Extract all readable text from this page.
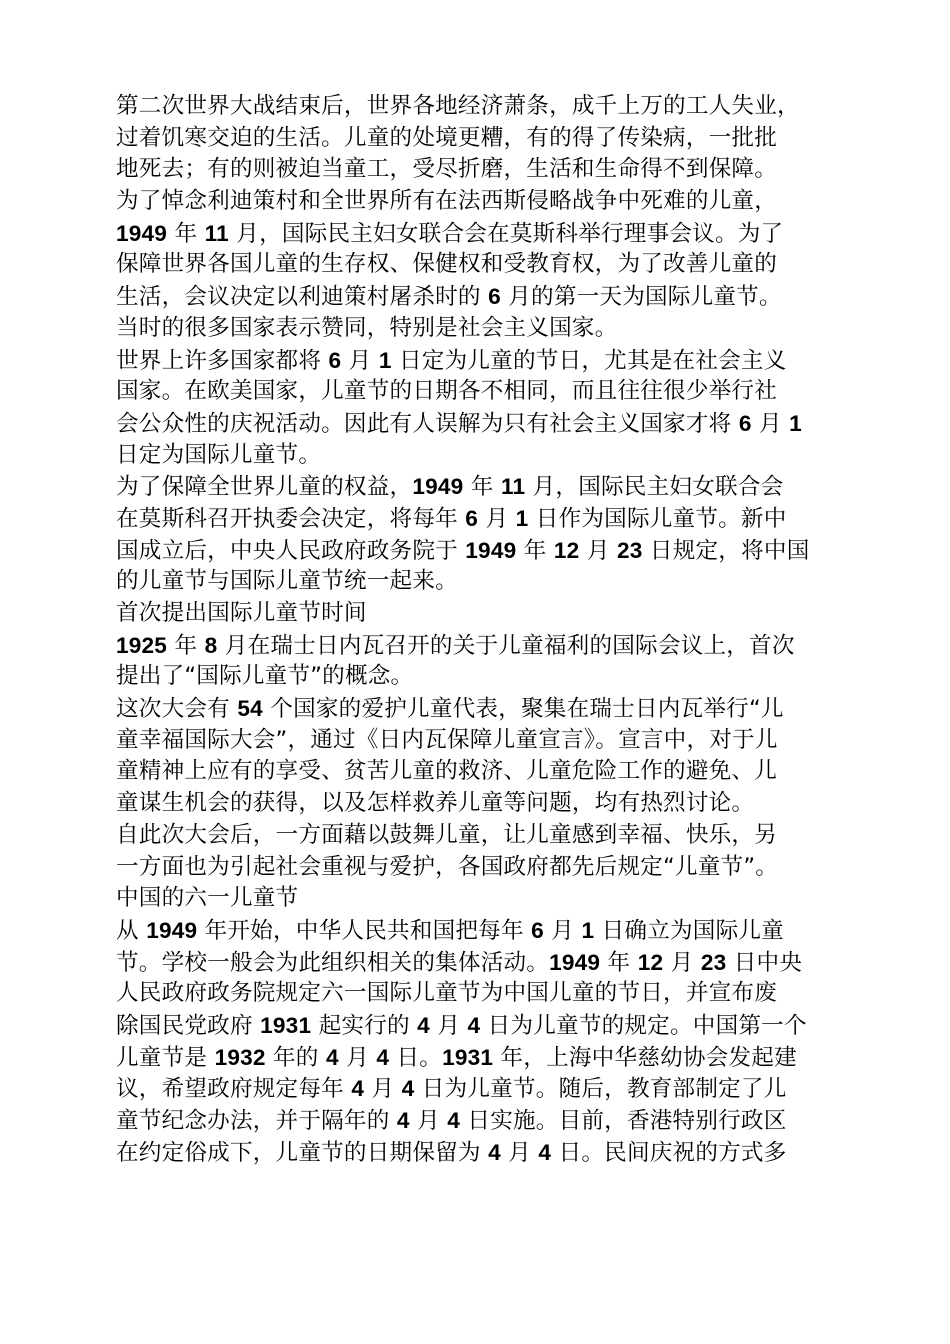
第二次世界大战结束后，世界各地经济萧条，成千上万的工人失业，
过着饥寒交迫的生活。儿童的处境更糟，有的得了传染病，一批批
地死去；有的则被迫当童工，受尽折磨，生活和生命得不到保障。
为了悼念利迪策村和全世界所有在法西斯侵略战争中死难的儿童，
1949 年 11 月，国际民主妇女联合会在莫斯科举行理事会议。为了
保障世界各国儿童的生存权、保健权和受教育权，为了改善儿童的
生活，会议决定以利迪策村屠杀时的 6 月的第一天为国际儿童节。
当时的很多国家表示赞同，特别是社会主义国家。
世界上许多国家都将 6 月 1 日定为儿童的节日，尤其是在社会主义
国家。在欧美国家，儿童节的日期各不相同，而且往往很少举行社
会公众性的庆祝活动。因此有人误解为只有社会主义国家才将 6 月 1
日定为国际儿童节。
为了保障全世界儿童的权益，1949 年 11 月，国际民主妇女联合会
在莫斯科召开执委会决定，将每年 6 月 1 日作为国际儿童节。新中
国成立后，中央人民政府政务院于 1949 年 12 月 23 日规定，将中国
的儿童节与国际儿童节统一起来。
首次提出国际儿童节时间
1925 年 8 月在瑞士日内瓦召开的关于儿童福利的国际会议上，首次
提出了“国际儿童节”的概念。
这次大会有 54 个国家的爱护儿童代表，聚集在瑞士日内瓦举行“儿
童幸福国际大会”，通过《日内瓦保障儿童宣言》。宣言中，对于儿
童精神上应有的享受、贫苦儿童的救济、儿童危险工作的避免、儿
童谋生机会的获得，以及怎样救养儿童等问题，均有热烈讨论。
自此次大会后，一方面藉以鼓舞儿童，让儿童感到幸福、快乐，另
一方面也为引起社会重视与爱护，各国政府都先后规定“儿童节”。
中国的六一儿童节
从 1949 年开始，中华人民共和国把每年 6 月 1 日确立为国际儿童
节。学校一般会为此组织相关的集体活动。1949 年 12 月 23 日中央
人民政府政务院规定六一国际儿童节为中国儿童的节日，并宣布废
除国民党政府 1931 起实行的 4 月 4 日为儿童节的规定。中国第一个
儿童节是 1932 年的 4 月 4 日。1931 年，上海中华慈幼协会发起建
议，希望政府规定每年 4 月 4 日为儿童节。随后，教育部制定了儿
童节纪念办法，并于隔年的 4 月 4 日实施。目前，香港特别行政区
在约定俗成下，儿童节的日期保留为 4 月 4 日。民间庆祝的方式多
